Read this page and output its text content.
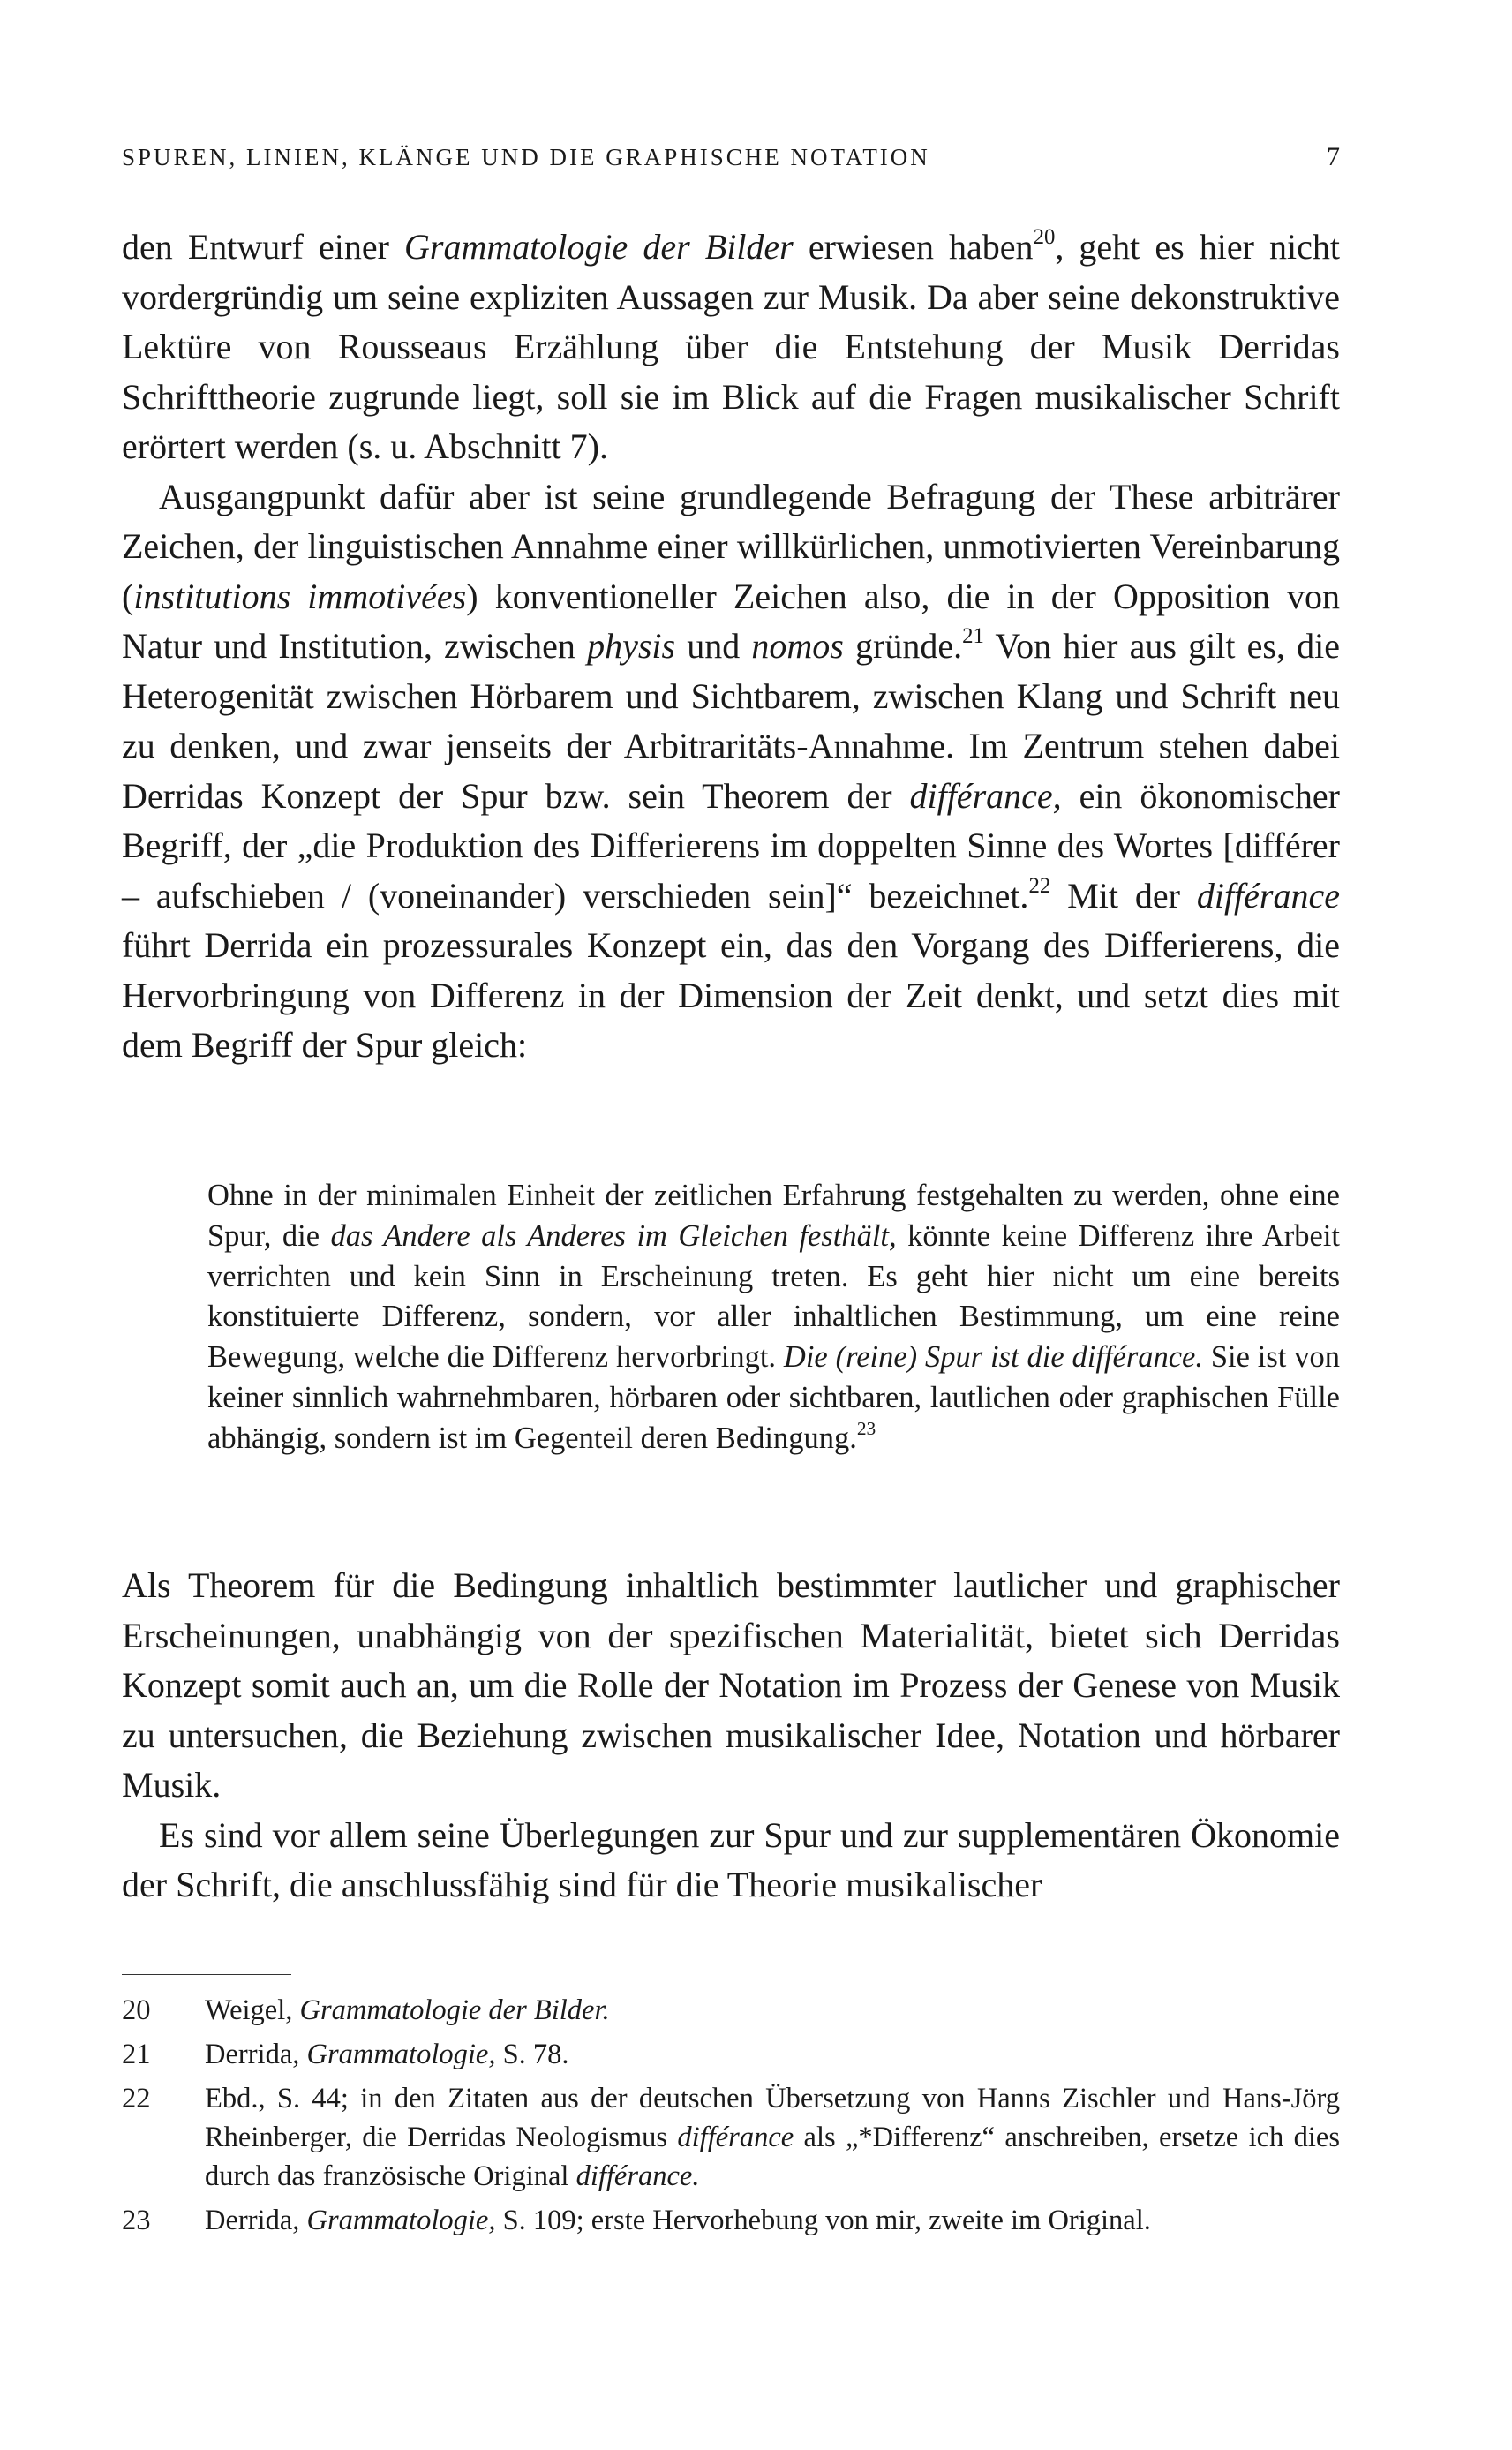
SPUREN, LINIEN, KLÄNGE UND DIE GRAPHISCHE NOTATION	7

den Entwurf einer Grammatologie der Bilder erwiesen haben$^{20}$, geht es hier nicht vordergründig um seine expliziten Aussagen zur Musik. Da aber seine dekonstruktive Lektüre von Rousseaus Erzählung über die Entstehung der Musik Derridas Schrifttheorie zugrunde liegt, soll sie im Blick auf die Fragen musikalischer Schrift erörtert werden (s. u. Abschnitt 7).

Ausgangpunkt dafür aber ist seine grundlegende Befragung der These arbiträrer Zeichen, der linguistischen Annahme einer willkürlichen, unmotivierten Vereinbarung (institutions immotivées) konventioneller Zeichen also, die in der Opposition von Natur und Institution, zwischen physis und nomos gründe.$^{21}$ Von hier aus gilt es, die Heterogenität zwischen Hörbarem und Sichtbarem, zwischen Klang und Schrift neu zu denken, und zwar jenseits der Arbitraritäts-Annahme. Im Zentrum stehen dabei Derridas Konzept der Spur bzw. sein Theorem der différance, ein ökonomischer Begriff, der „die Produktion des Differierens im doppelten Sinne des Wortes [différer – aufschieben / (voneinander) verschieden sein]“ bezeichnet.$^{22}$ Mit der différance führt Derrida ein prozessurales Konzept ein, das den Vorgang des Differierens, die Hervorbringung von Differenz in der Dimension der Zeit denkt, und setzt dies mit dem Begriff der Spur gleich:

Ohne in der minimalen Einheit der zeitlichen Erfahrung festgehalten zu werden, ohne eine Spur, die das Andere als Anderes im Gleichen festhält, könnte keine Differenz ihre Arbeit verrichten und kein Sinn in Erscheinung treten. Es geht hier nicht um eine bereits konstituierte Differenz, sondern, vor aller inhaltlichen Bestimmung, um eine reine Bewegung, welche die Differenz hervorbringt. Die (reine) Spur ist die différance. Sie ist von keiner sinnlich wahrnehmbaren, hörbaren oder sichtbaren, lautlichen oder graphischen Fülle abhängig, sondern ist im Gegenteil deren Bedingung.$^{23}$

Als Theorem für die Bedingung inhaltlich bestimmter lautlicher und graphischer Erscheinungen, unabhängig von der spezifischen Materialität, bietet sich Derridas Konzept somit auch an, um die Rolle der Notation im Prozess der Genese von Musik zu untersuchen, die Beziehung zwischen musikalischer Idee, Notation und hörbarer Musik.

Es sind vor allem seine Überlegungen zur Spur und zur supplementären Ökonomie der Schrift, die anschlussfähig sind für die Theorie musikalischer

20 Weigel, Grammatologie der Bilder.
21 Derrida, Grammatologie, S. 78.
22 Ebd., S. 44; in den Zitaten aus der deutschen Übersetzung von Hanns Zischler und Hans-Jörg Rheinberger, die Derridas Neologismus différance als „*Differenz“ anschreiben, ersetze ich dies durch das französische Original différance.
23 Derrida, Grammatologie, S. 109; erste Hervorhebung von mir, zweite im Original.
